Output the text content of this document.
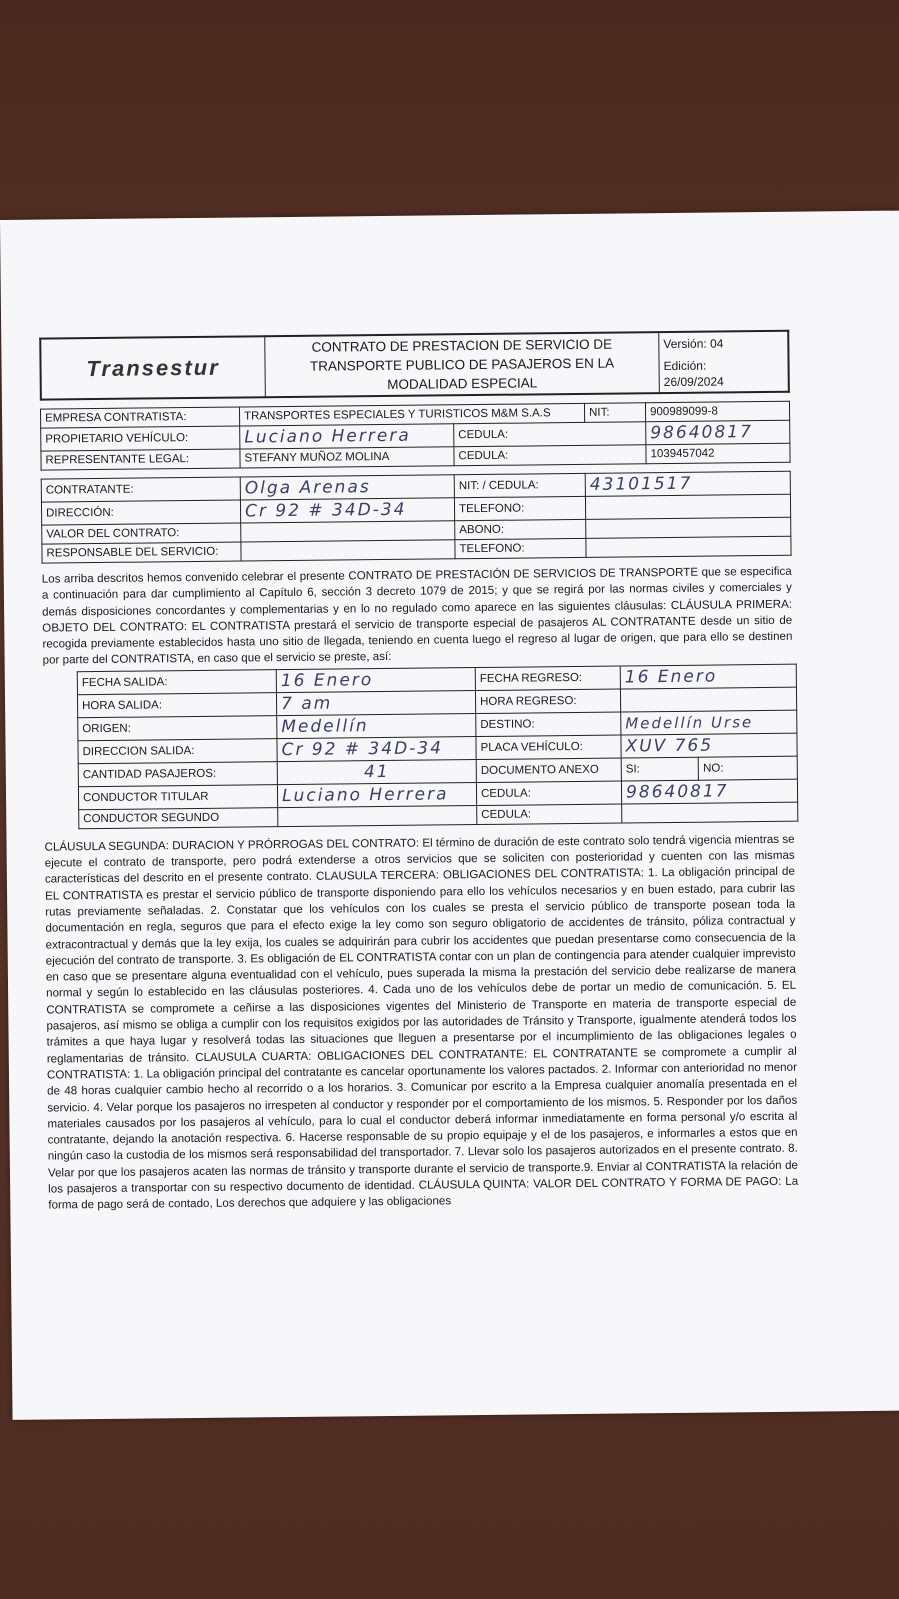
Transestur

CONTRATO DE PRESTACION DE SERVICIO DE
TRANSPORTE PUBLICO DE PASAJEROS EN LA
MODALIDAD ESPECIAL

Versión: 04
Edición:
26/09/2024
EMPRESA CONTRATISTA:	TRANSPORTES ESPECIALES Y TURISTICOS M&M S.A.S		NIT:	900989099-8
PROPIETARIO VEHÍCULO:	Luciano Herrera	CEDULA:		98640817
REPRESENTANTE LEGAL:	STEFANY MUÑOZ MOLINA	CEDULA:		1039457042
CONTRATANTE:	Olga Arenas	NIT: / CEDULA:	43101517
DIRECCIÓN:	Cr 92 # 34D-34	TELEFONO:	
VALOR DEL CONTRATO:		ABONO:	
RESPONSABLE DEL SERVICIO:		TELEFONO:	

Los arriba descritos hemos convenido celebrar el presente CONTRATO DE PRESTACIÓN DE SERVICIOS DE TRANSPORTE que se especifica a continuación para dar cumplimiento al Capítulo 6, sección 3 decreto 1079 de 2015; y que se regirá por las normas civiles y comerciales y demás disposiciones concordantes y complementarias y en lo no regulado como aparece en las siguientes cláusulas: CLÁUSULA PRIMERA: OBJETO DEL CONTRATO: EL CONTRATISTA prestará el servicio de transporte especial de pasajeros AL CONTRATANTE desde un sitio de recogida previamente establecidos hasta uno sitio de llegada, teniendo en cuenta luego el regreso al lugar de origen, que para ello se destinen por parte del CONTRATISTA, en caso que el servicio se preste, así:

FECHA SALIDA:	16 Enero	FECHA REGRESO:	16 Enero	
HORA SALIDA:	7 am	HORA REGRESO:		
ORIGEN:	Medellín	DESTINO:	Medellín Urse	
DIRECCION SALIDA:	Cr 92 # 34D-34	PLACA VEHÍCULO:	XUV 765	
CANTIDAD PASAJEROS:	41	DOCUMENTO ANEXO	SI:	NO:
CONDUCTOR TITULAR	Luciano Herrera	CEDULA:	98640817	
CONDUCTOR SEGUNDO		CEDULA:		

CLÁUSULA SEGUNDA: DURACION Y PRÓRROGAS DEL CONTRATO: El término de duración de este contrato solo tendrá vigencia mientras se ejecute el contrato de transporte, pero podrá extenderse a otros servicios que se soliciten con posterioridad y cuenten con las mismas características del descrito en el presente contrato. CLAUSULA TERCERA: OBLIGACIONES DEL CONTRATISTA: 1. La obligación principal de EL CONTRATISTA es prestar el servicio público de transporte disponiendo para ello los vehículos necesarios y en buen estado, para cubrir las rutas previamente señaladas. 2. Constatar que los vehículos con los cuales se presta el servicio público de transporte posean toda la documentación en regla, seguros que para el efecto exige la ley como son seguro obligatorio de accidentes de tránsito, póliza contractual y extracontractual y demás que la ley exija, los cuales se adquirirán para cubrir los accidentes que puedan presentarse como consecuencia de la ejecución del contrato de transporte. 3. Es obligación de EL CONTRATISTA contar con un plan de contingencia para atender cualquier imprevisto en caso que se presentare alguna eventualidad con el vehículo, pues superada la misma la prestación del servicio debe realizarse de manera normal y según lo establecido en las cláusulas posteriores. 4. Cada uno de los vehículos debe de portar un medio de comunicación. 5. EL CONTRATISTA se compromete a ceñirse a las disposiciones vigentes del Ministerio de Transporte en materia de transporte especial de pasajeros, así mismo se obliga a cumplir con los requisitos exigidos por las autoridades de Tránsito y Transporte, igualmente atenderá todos los trámites a que haya lugar y resolverá todas las situaciones que lleguen a presentarse por el incumplimiento de las obligaciones legales o reglamentarias de tránsito. CLAUSULA CUARTA: OBLIGACIONES DEL CONTRATANTE: EL CONTRATANTE se compromete a cumplir al CONTRATISTA: 1. La obligación principal del contratante es cancelar oportunamente los valores pactados. 2. Informar con anterioridad no menor de 48 horas cualquier cambio hecho al recorrido o a los horarios. 3. Comunicar por escrito a la Empresa cualquier anomalía presentada en el servicio. 4. Velar porque los pasajeros no irrespeten al conductor y responder por el comportamiento de los mismos. 5. Responder por los daños materiales causados por los pasajeros al vehículo, para lo cual el conductor deberá informar inmediatamente en forma personal y/o escrita al contratante, dejando la anotación respectiva. 6. Hacerse responsable de su propio equipaje y el de los pasajeros, e informarles a estos que en ningún caso la custodia de los mismos será responsabilidad del transportador. 7. Llevar solo los pasajeros autorizados en el presente contrato. 8. Velar por que los pasajeros acaten las normas de tránsito y transporte durante el servicio de transporte.9. Enviar al CONTRATISTA la relación de los pasajeros a transportar con su respectivo documento de identidad. CLÁUSULA QUINTA: VALOR DEL CONTRATO Y FORMA DE PAGO: La forma de pago será de contado, Los derechos que adquiere y las obligaciones
